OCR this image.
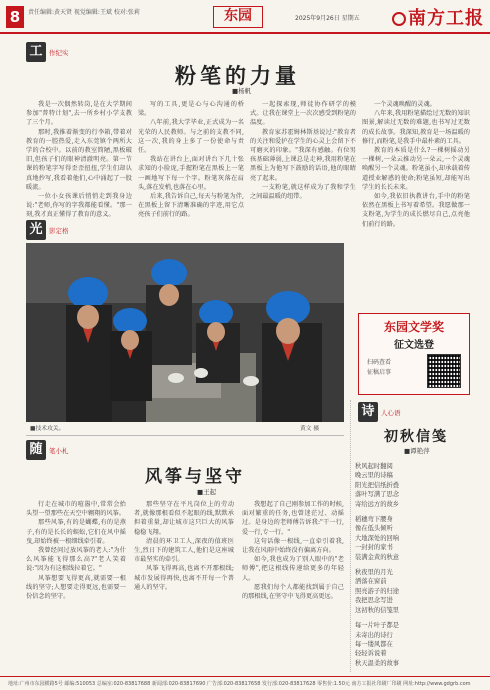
8	责任编辑:黄天贤 视觉编辑:王斌 校对:张莉	东园	2025年9月26日 星期五	南方工报
工	作纪实
粉笔的力量
■杨帆

我是一次偶然转岗,是在大学期间参加"普特计划",去一所乡村小学支教了三个月。

那时,我推着渐变的行李箱,带着对教育的一腔热爱,走入东莞镇个两所大学的合校中。以前的教室简陋,黑板破旧,但孩子们的眼神清澈明亮。第一节课的粉笔字写得歪歪扭扭,学生们却认真地抄写,我看着他们,心中涌起了一股暖流。

一位小女孩课后悄悄走到我身边说:"老师,你写的字我都能看懂。"那一刻,我才真正懂得了教育的意义。

写的工具,更是心与心沟通的桥梁。

八年前,我大学毕业,正式成为一名光荣的人民教师。与之前的支教不同,这一次,我的身上多了一份使命与责任。

我站在讲台上,面对讲台下几十张求知的小脸庞,手握粉笔在黑板上一笔一画地写下每一个字。粉笔灰落在肩头,落在发梢,也落在心里。

后来,我告诉自己,每天与粉笔为伴,在黑板上留下清晰准确的字迹,用它点亮孩子们前行的路。

一起探索现,师徒协作研学的模式。让我在课堂上一次次感受到粉笔的温度。

教育家苏霍姆林斯基说过:"教育者的关注和爱护在学生的心灵上会留下不可磨灭的印象。"我深有感触。有位男孩基础薄弱,上课总是走神,我用粉笔在黑板上为他写下鼓励的话语,他的眼睛亮了起来。

一支粉笔,就这样成为了我和学生之间最温暖的纽带。

一个灵魂唤醒的灵魂。

八年来,我用粉笔描绘过无数的知识图景,解读过无数的难题,也书写过无数的成长故事。我深知,教育是一场温暖的修行,而粉笔,是我手中最朴素的工具。

教育的本质是什么?一棵树摇动另一棵树,一朵云推动另一朵云,一个灵魂唤醒另一个灵魂。粉笔虽小,却承载着传道授业解惑的使命;粉笔虽短,却能写出学生的长长未来。

如今,我依旧执教讲台,手中的粉笔依然在黑板上书写着希望。我愿做那一支粉笔,为学生的成长燃尽自己,点亮他们前行的路。

光	影定格
■技术攻关。	黄文 摄
东园文学奖
征文选登
扫码查看
征稿启事
随	笔小札
风筝与坚守
■王起

行走在城市的喧嚣中,常常会抬头望一望那些在天空中翱翔的风筝。

那些风筝,有的是蝴蝶,有的是燕子,有的是长长的蜈蚣,它们在风中摇曳,却始终被一根细线牵引着。

我曾经问过放风筝的老人:"为什么风筝能飞得那么高?"老人笑着说:"因为有这根线拉着它。"

风筝想要飞得更高,就需要一根线的坚守;人想要走得更远,也需要一份信念的坚守。

那些坚守在平凡岗位上的劳动者,就像那根看似不起眼的线,默默承担着重量,却让城市这只巨大的风筝稳稳飞翔。

清晨的环卫工人,深夜的值班医生,烈日下的建筑工人,他们是这座城市最坚实的牵引。

风筝飞得再高,也离不开那根线;城市发展得再快,也离不开每一个普通人的坚守。

我想起了自己刚参加工作的时候,面对繁重的任务,也曾迷茫过、动摇过。是身边的老师傅告诉我:"干一行,爱一行,专一行。"

这句话像一根线,一直牵引着我,让我在风雨中始终没有偏离方向。

如今,我也成为了别人眼中的"老师傅",把这根线传递给更多的年轻人。

愿我们每个人都能找到属于自己的那根线,在坚守中飞得更高更远。

诗	人心语
初秋信笺
■谭艳萍
秋风起时翻阅
晚云里的诗稿
阳光把信纸折叠
落叶写满了思念
寄给远方的故乡
稻穗弯下腰身
像在低头倾听
大地深处的回响
一封封的家书
装满金黄的秋意
秋夜里的月光
洒落在窗前
照亮游子的归途
我把思念写进
这初秋的信笺里
每一片叶子都是
未寄出的诗行
每一缕风都在
轻轻诉说着
秋天温柔的故事
地址:广州市东园横路5号 邮编:510053 总编室:020-83817688 新闻部:020-83817690 广告部:020-83817658 发行部:020-83817628 零售价:1.50元 南方工报社印刷厂印刷 网址:http://www.gdgrb.com
